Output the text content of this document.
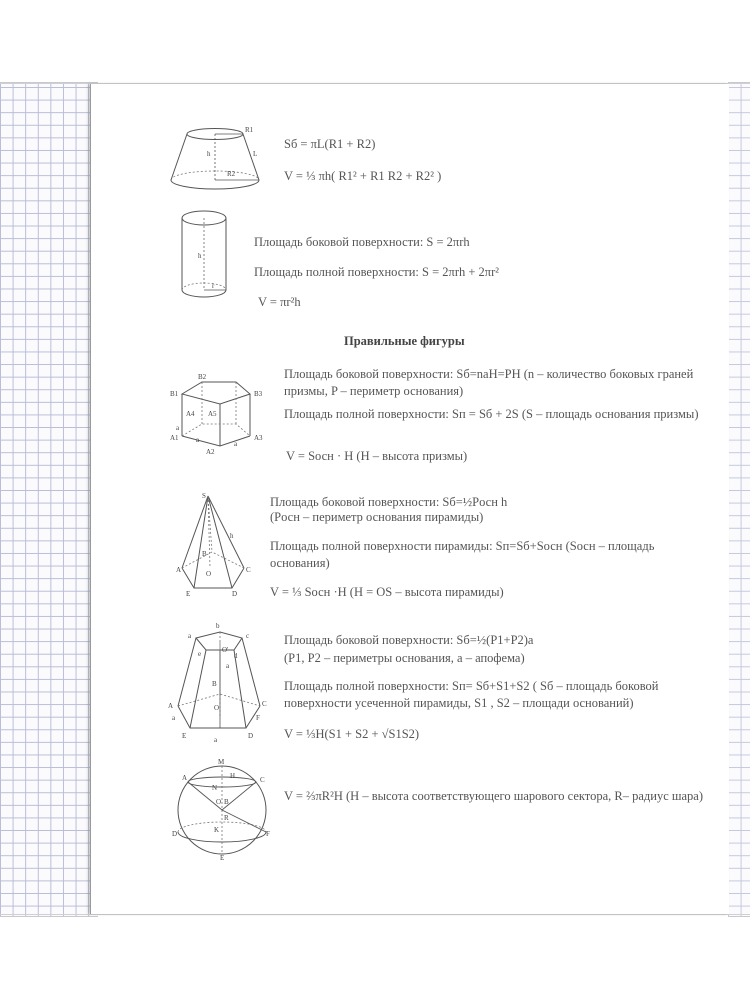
R1
h	L
R2
Sб = πL(R1 + R2)
V = ⅓ πh( R1² + R1 R2 + R2² )
h
r
Площадь боковой поверхности: S = 2πrh
Площадь полной поверхности: S = 2πrh + 2πr²
V = πr²h
Правильные фигуры
B1
B2
B3
A1
A2
A3
A4 A5
a	a
a
Площадь боковой поверхности: Sб=naH=PH (n – количество боковых граней призмы, P – периметр основания)
Площадь полной поверхности: Sп = Sб + 2S (S – площадь основания призмы)
V = Sосн · H (H – высота призмы)
S
h
B
O
A	C
E	D
Площадь боковой поверхности: Sб=½Pосн h
(Pосн – периметр основания пирамиды)
Площадь полной поверхности пирамиды: Sп=Sб+Sосн (Sосн – площадь основания)
V = ⅓ Sосн ·H (H = OS – высота пирамиды)
a
b
c
e	d
a
O'
B
A
a
O
F
E	a	D
C
Площадь боковой поверхности: Sб=½(P1+P2)a
(P1, P2 – периметры основания, a – апофема)
Площадь полной поверхности: Sп= Sб+S1+S2 ( Sб – площадь боковой поверхности усеченной пирамиды, S1 , S2 – площади оснований)
V = ⅓H(S1 + S2 + √S1S2)
M
A	H	C
N
O B
R
K
D	F
E
V = ⅔πR²H (H – высота соответствующего шарового сектора, R– радиус шара)
